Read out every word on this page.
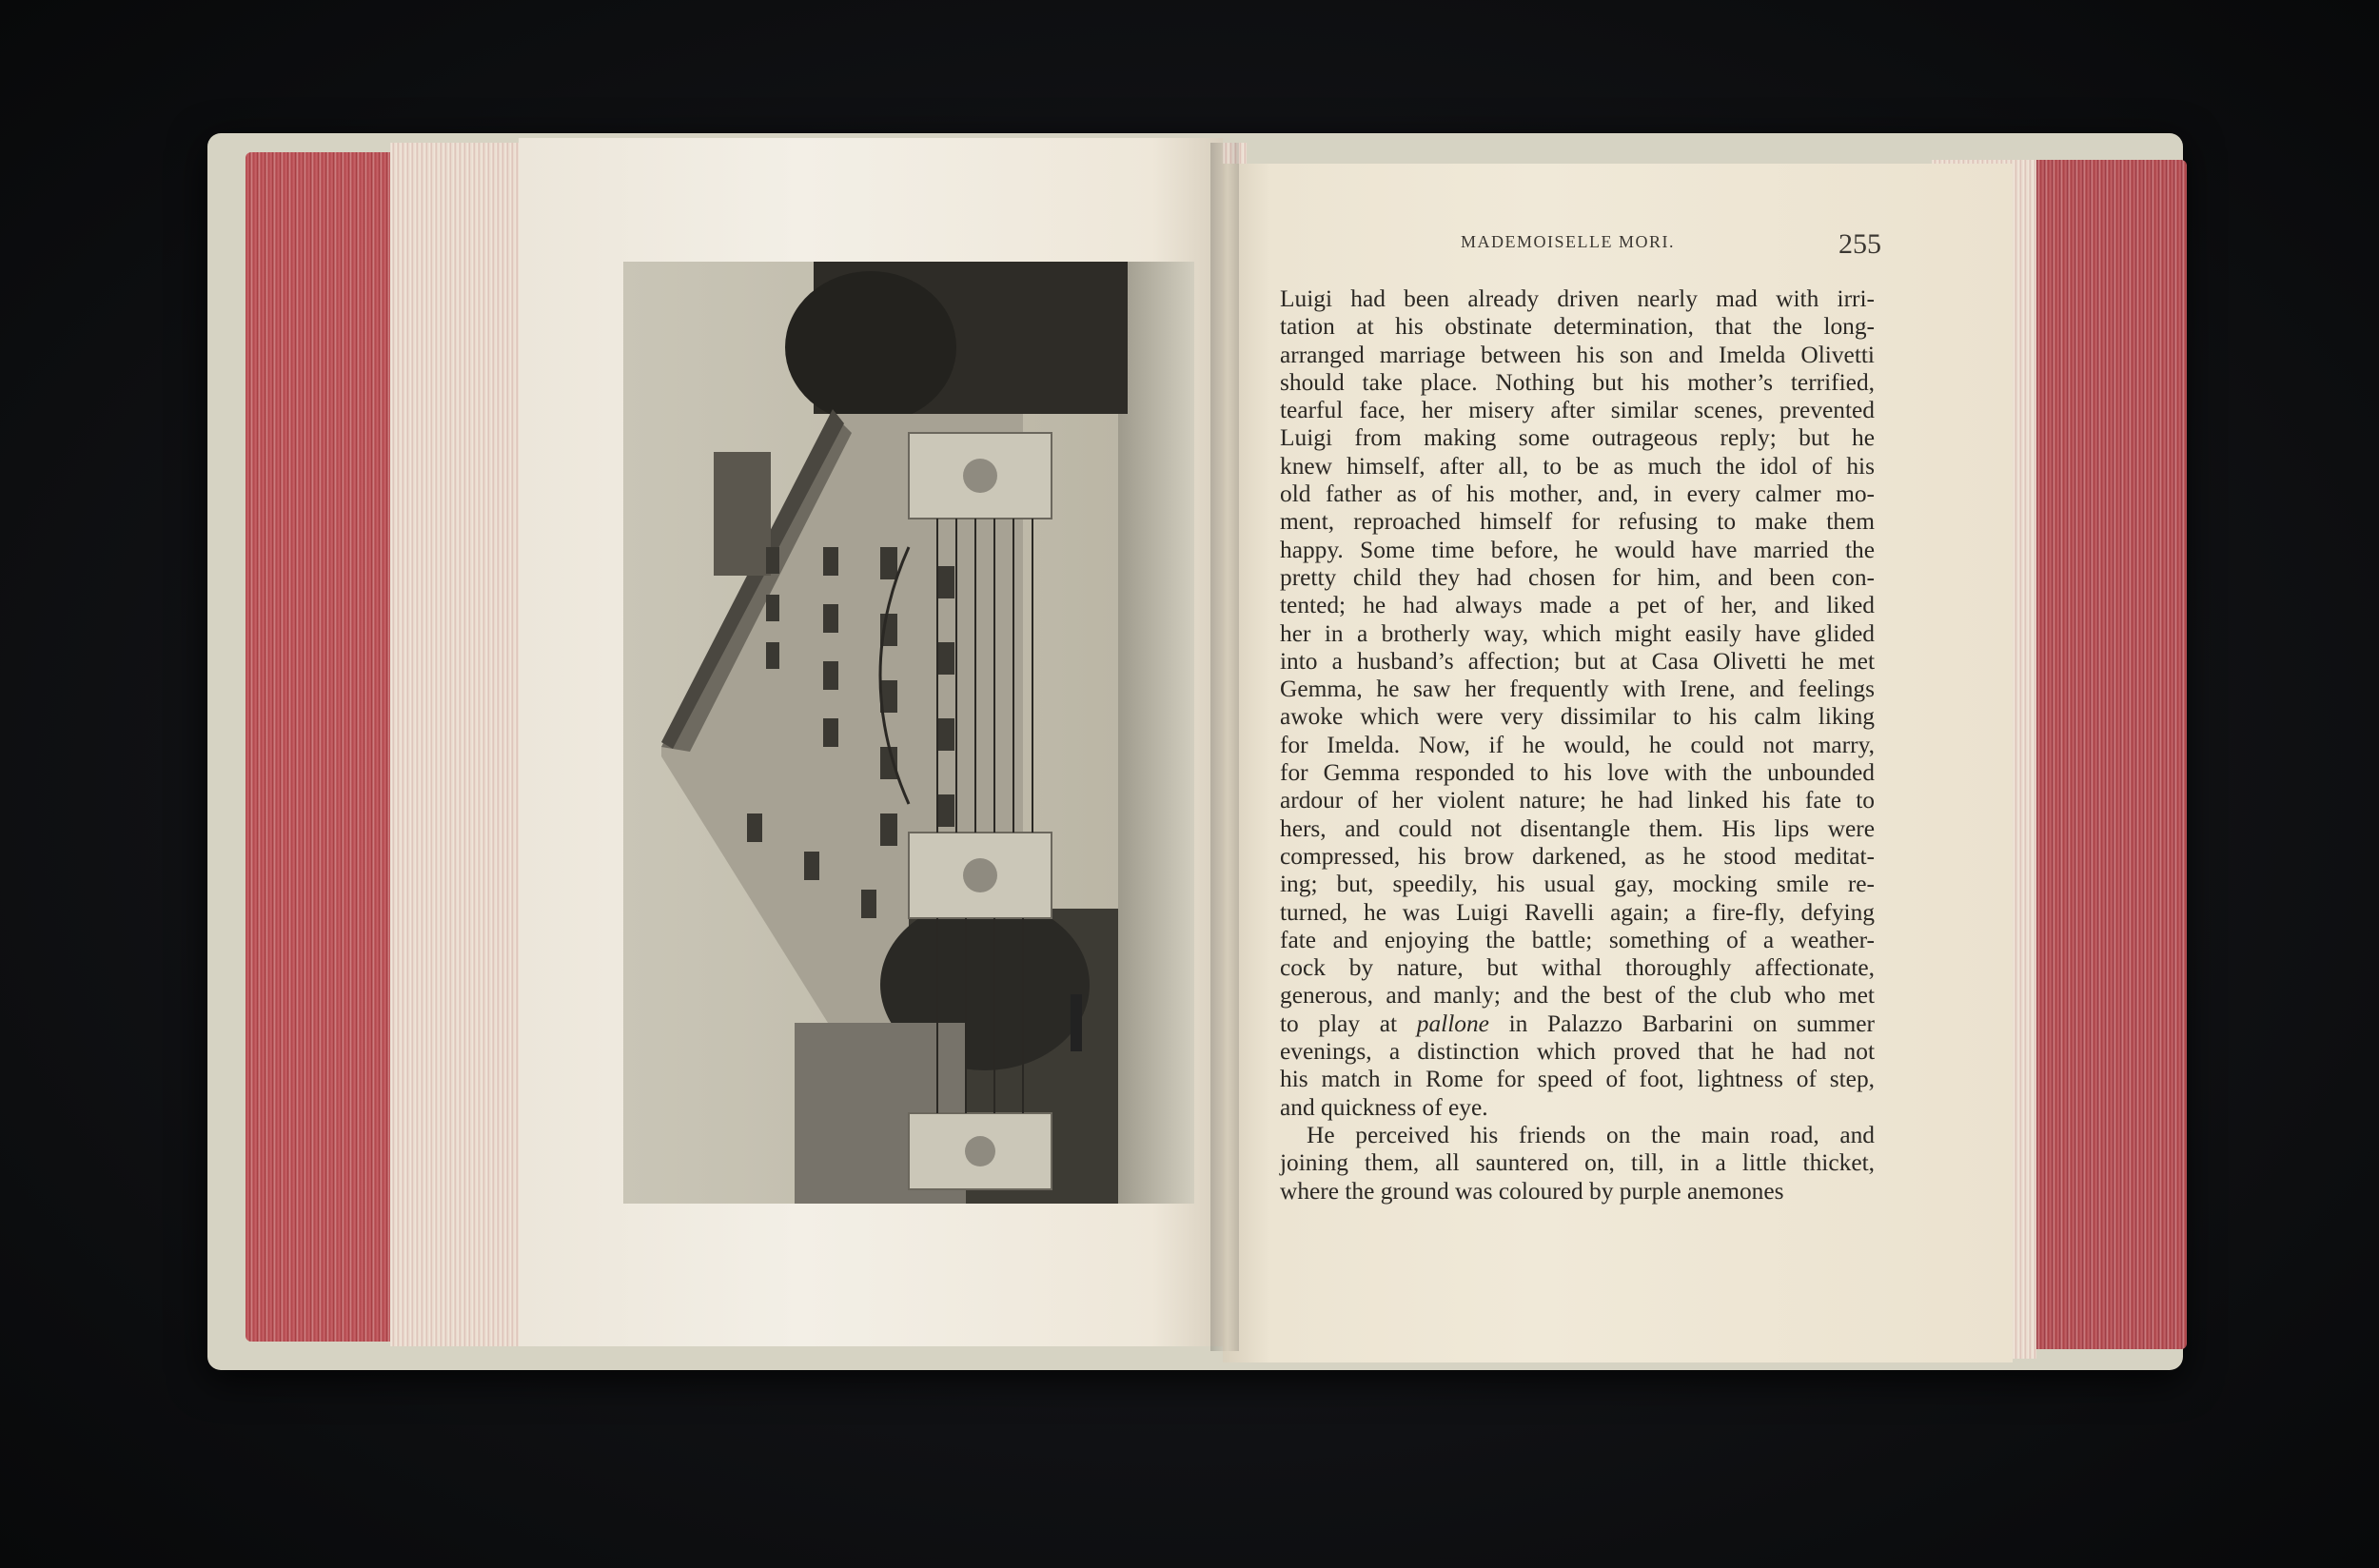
MADEMOISELLE MORI.	255
Luigi had been already driven nearly mad with irri-
tation at his obstinate determination, that the long-
arranged marriage between his son and Imelda Olivetti
should take place. Nothing but his mother’s terrified,
tearful face, her misery after similar scenes, prevented
Luigi from making some outrageous reply; but he
knew himself, after all, to be as much the idol of his
old father as of his mother, and, in every calmer mo-
ment, reproached himself for refusing to make them
happy. Some time before, he would have married the
pretty child they had chosen for him, and been con-
tented; he had always made a pet of her, and liked
her in a brotherly way, which might easily have glided
into a husband’s affection; but at Casa Olivetti he met
Gemma, he saw her frequently with Irene, and feelings
awoke which were very dissimilar to his calm liking
for Imelda. Now, if he would, he could not marry,
for Gemma responded to his love with the unbounded
ardour of her violent nature; he had linked his fate to
hers, and could not disentangle them. His lips were
compressed, his brow darkened, as he stood meditat-
ing; but, speedily, his usual gay, mocking smile re-
turned, he was Luigi Ravelli again; a fire-fly, defying
fate and enjoying the battle; something of a weather-
cock by nature, but withal thoroughly affectionate,
generous, and manly; and the best of the club who met
to play at pallone in Palazzo Barbarini on summer
evenings, a distinction which proved that he had not
his match in Rome for speed of foot, lightness of step,
and quickness of eye.
He perceived his friends on the main road, and
joining them, all sauntered on, till, in a little thicket,
where the ground was coloured by purple anemones
